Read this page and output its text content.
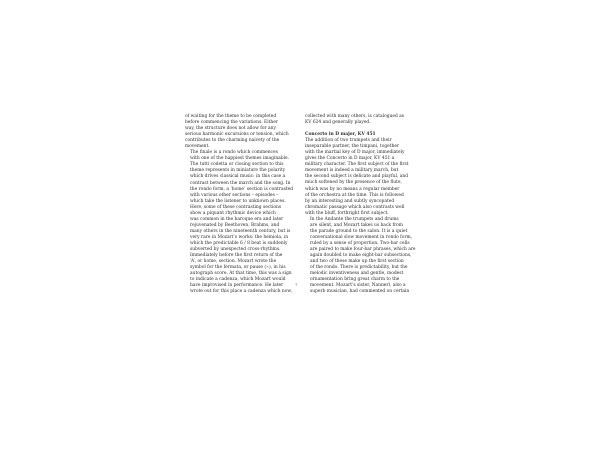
of waiting for the theme to be completed
before commencing the variations. Either
way, the structure does not allow for any
serious harmonic excursions or tension, which
contributes to the charming naivety of the
movement.

The finale is a rondo which commences
with one of the happiest themes imaginable.
The tutti codetta or closing section to this
theme represents in miniature the polarity
which drives classical music: in this case a
contrast between the march and the song. In
the rondo form, a ‘home’ section is contrasted
with various other sections – episodes –
which take the listener to unknown places.
Here, some of these contrasting sections
show a piquant rhythmic device which
was common in the baroque era and later
rejuvenated by Beethoven, Brahms, and
many others in the nineteenth century, but is
very rare in Mozart’s works: the hemiola, in
which the predictable 6 / 8 beat is suddenly
subverted by unexpected cross-rhythms.
Immediately before the first return of the
‘A’, or home, section, Mozart wrote the
symbol for the fermata, or pause (⌢), in his
autograph score. At that time, this was a sign
to indicate a cadenza, which Mozart would
have improvised in performance. He later
wrote out for this place a cadenza which now,

collected with many others, is catalogued as
KV 624 and generally played.

Concerto in D major, KV 451

The addition of two trumpets and their
inseparable partner, the timpani, together
with the martial key of D major, immediately
gives the Concerto in D major, KV 451 a
military character. The first subject of the first
movement is indeed a military march, but
the second subject is delicate and playful, and
much softened by the presence of the flute,
which was by no means a regular member
of the orchestra at the time. This is followed
by an interesting and subtly syncopated
chromatic passage which also contrasts well
with the bluff, forthright first subject.

In the Andante the trumpets and drums
are silent, and Mozart takes us back from
the parade ground to the salon. It is a quiet
conversational slow movement in rondo form,
ruled by a sense of proportion. Two-bar cells
are paired to make four-bar phrases, which are
again doubled to make eight-bar subsections,
and two of these make up the first section
of the rondo. There is predictability, but the
melodic inventiveness and gentle, modest
ornamentation bring great charm to the
movement. Mozart’s sister, Nannerl, also a
superb musician, had commented on certain

7
